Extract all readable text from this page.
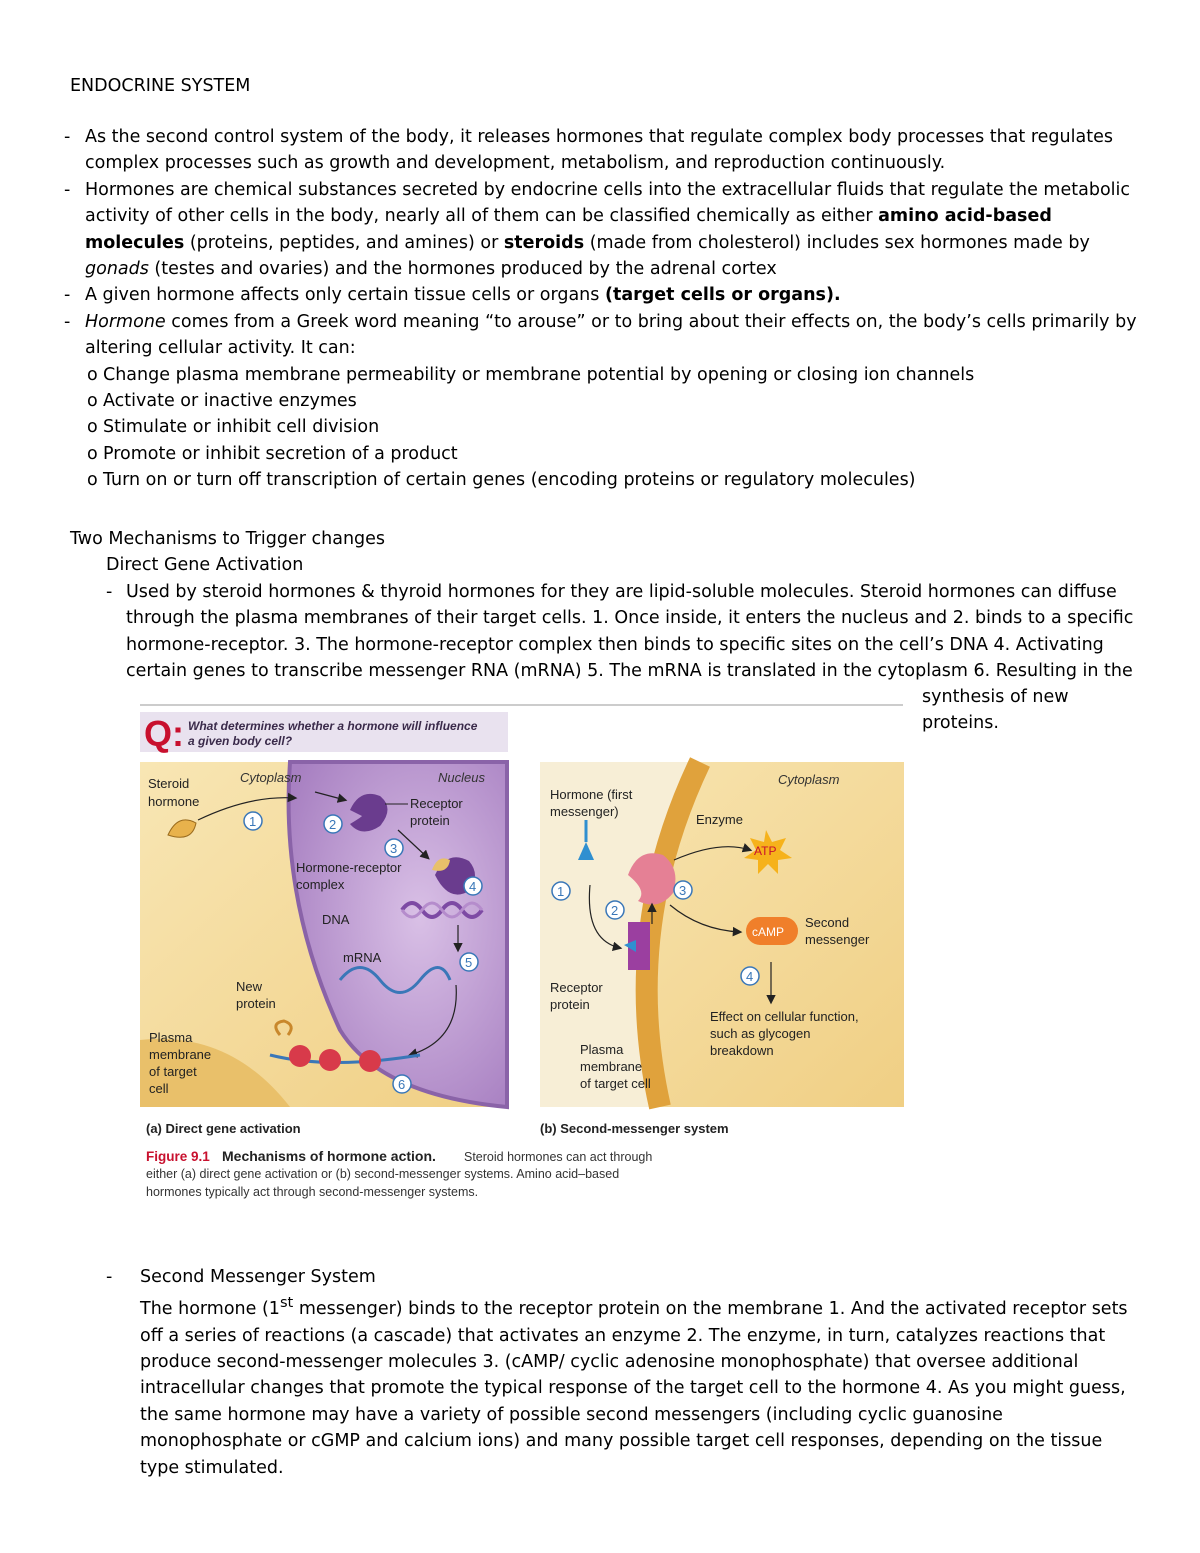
ENDOCRINE SYSTEM
- As the second control system of the body, it releases hormones that regulate complex body processes that regulates complex processes such as growth and development, metabolism, and reproduction continuously.
- Hormones are chemical substances secreted by endocrine cells into the extracellular fluids that regulate the metabolic activity of other cells in the body, nearly all of them can be classified chemically as either amino acid-based molecules (proteins, peptides, and amines) or steroids (made from cholesterol) includes sex hormones made by gonads (testes and ovaries) and the hormones produced by the adrenal cortex
- A given hormone affects only certain tissue cells or organs (target cells or organs).
- Hormone comes from a Greek word meaning “to arouse” or to bring about their effects on, the body’s cells primarily by altering cellular activity. It can:
o Change plasma membrane permeability or membrane potential by opening or closing ion channels
o Activate or inactive enzymes
o Stimulate or inhibit cell division
o Promote or inhibit secretion of a product
o Turn on or turn off transcription of certain genes (encoding proteins or regulatory molecules)
Two Mechanisms to Trigger changes
Direct Gene Activation
- Used by steroid hormones & thyroid hormones for they are lipid-soluble molecules. Steroid hormones can diffuse through the plasma membranes of their target cells. 1. Once inside, it enters the nucleus and 2. binds to a specific hormone-receptor. 3. The hormone-receptor complex then binds to specific sites on the cell’s DNA 4. Activating certain genes to transcribe messenger RNA (mRNA) 5. The mRNA is translated in the cytoplasm 6. Resulting in the
synthesis of new proteins.
Q: What determines whether a hormone will influence
a given body cell?
Cytoplasm	Nucleus
Steroid
hormone	Receptor
protein
Hormone-receptor
complex
DNA
mRNA
New
protein
Plasma
membrane
of target
cell
1	2
3
4
5
6
Cytoplasm
Hormone (first
messenger)
Enzyme
ATP
cAMP
Second
messenger
Receptor
protein
Effect on cellular function,
such as glycogen
breakdown
Plasma
membrane
of target cell
1
2
3
4
(a) Direct gene activation	(b) Second-messenger system
Figure 9.1 Mechanisms of hormone action. Steroid hormones can act through
either (a) direct gene activation or (b) second-messenger systems. Amino acid–based
hormones typically act through second-messenger systems.
- Second Messenger System
The hormone (1st messenger) binds to the receptor protein on the membrane 1. And the activated receptor sets off a series of reactions (a cascade) that activates an enzyme 2. The enzyme, in turn, catalyzes reactions that produce second-messenger molecules 3. (cAMP/ cyclic adenosine monophosphate) that oversee additional intracellular changes that promote the typical response of the target cell to the hormone 4. As you might guess, the same hormone may have a variety of possible second messengers (including cyclic guanosine monophosphate or cGMP and calcium ions) and many possible target cell responses, depending on the tissue type stimulated.
